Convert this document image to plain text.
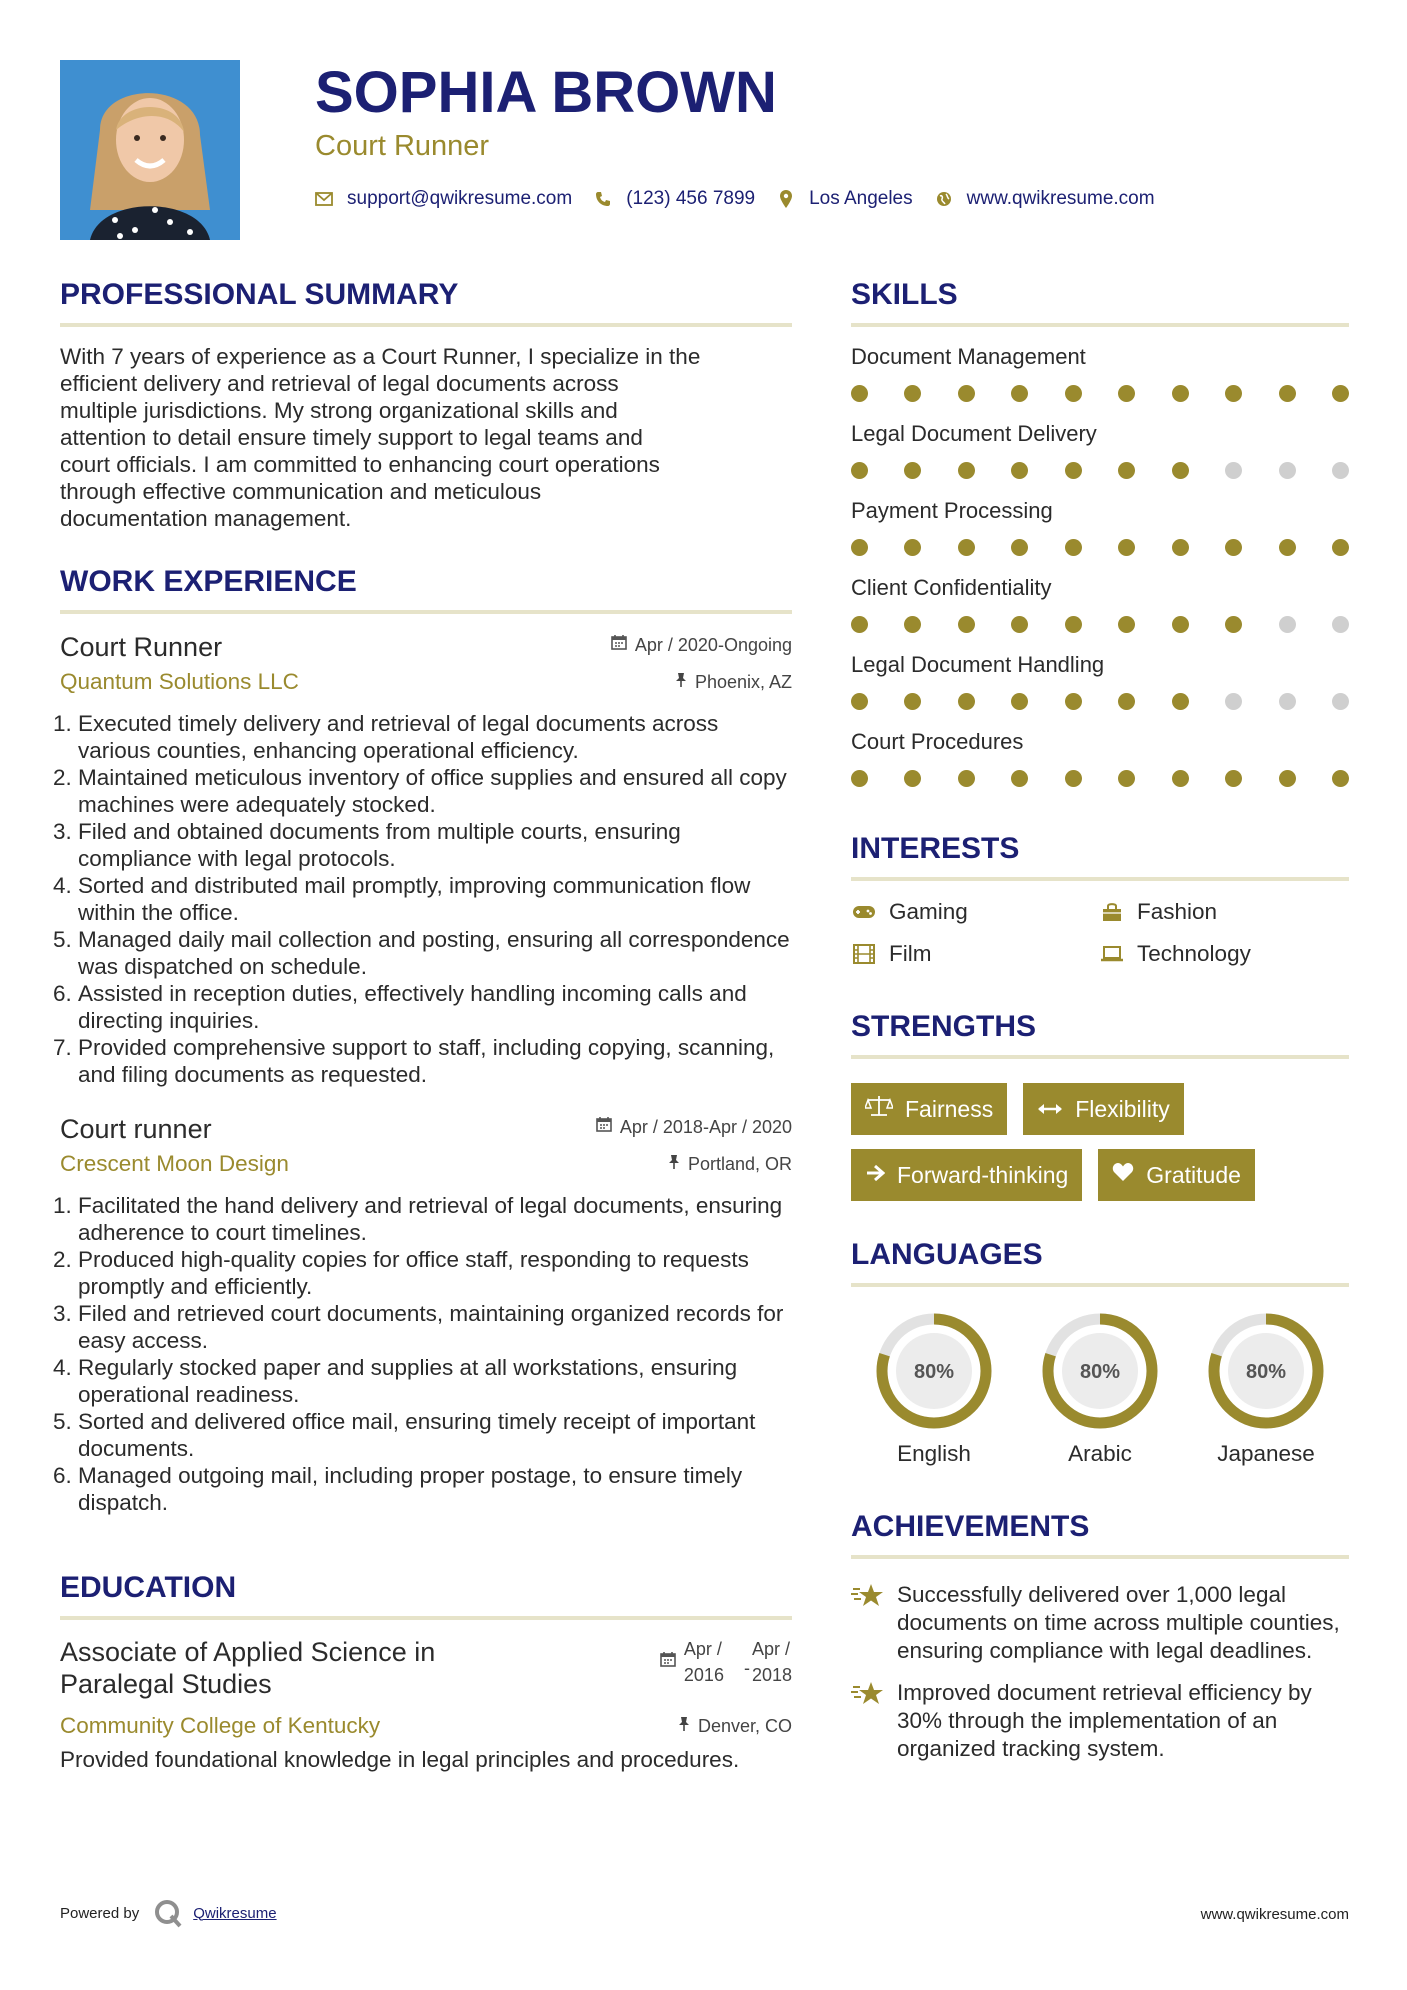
SOPHIA BROWN
Court Runner
support@qwikresume.com	(123) 456 7899	Los Angeles	www.qwikresume.com
PROFESSIONAL SUMMARY

With 7 years of experience as a Court Runner, I specialize in the
efficient delivery and retrieval of legal documents across
multiple jurisdictions. My strong organizational skills and
attention to detail ensure timely support to legal teams and
court officials. I am committed to enhancing court operations
through effective communication and meticulous
documentation management.

WORK EXPERIENCE
Court Runner	Apr / 2020-Ongoing
Quantum Solutions LLC	Phoenix, AZ
1. Executed timely delivery and retrieval of legal documents across various counties, enhancing operational efficiency.
2. Maintained meticulous inventory of office supplies and ensured all copy machines were adequately stocked.
3. Filed and obtained documents from multiple courts, ensuring compliance with legal protocols.
4. Sorted and distributed mail promptly, improving communication flow within the office.
5. Managed daily mail collection and posting, ensuring all correspondence was dispatched on schedule.
6. Assisted in reception duties, effectively handling incoming calls and directing inquiries.
7. Provided comprehensive support to staff, including copying, scanning, and filing documents as requested.
Court runner	Apr / 2018-Apr / 2020
Crescent Moon Design	Portland, OR
1. Facilitated the hand delivery and retrieval of legal documents, ensuring adherence to court timelines.
2. Produced high-quality copies for office staff, responding to requests promptly and efficiently.
3. Filed and retrieved court documents, maintaining organized records for easy access.
4. Regularly stocked paper and supplies at all workstations, ensuring operational readiness.
5. Sorted and delivered office mail, ensuring timely receipt of important documents.
6. Managed outgoing mail, including proper postage, to ensure timely dispatch.
EDUCATION
Associate of Applied Science in
Paralegal Studies
Apr /
2016 -
Apr /
2018
Community College of Kentucky	Denver, CO

Provided foundational knowledge in legal principles and procedures.

SKILLS
Document Management
Legal Document Delivery
Payment Processing
Client Confidentiality
Legal Document Handling
Court Procedures
INTERESTS
Gaming	Fashion
Film	Technology
STRENGTHS
Fairness	Flexibility
Forward-thinking	Gratitude
LANGUAGES
80%
English
80%
Arabic
80%
Japanese
ACHIEVEMENTS
Successfully delivered over 1,000 legal documents on time across multiple counties, ensuring compliance with legal deadlines.
Improved document retrieval efficiency by 30% through the implementation of an organized tracking system.
Powered by	Qwikresume	www.qwikresume.com
